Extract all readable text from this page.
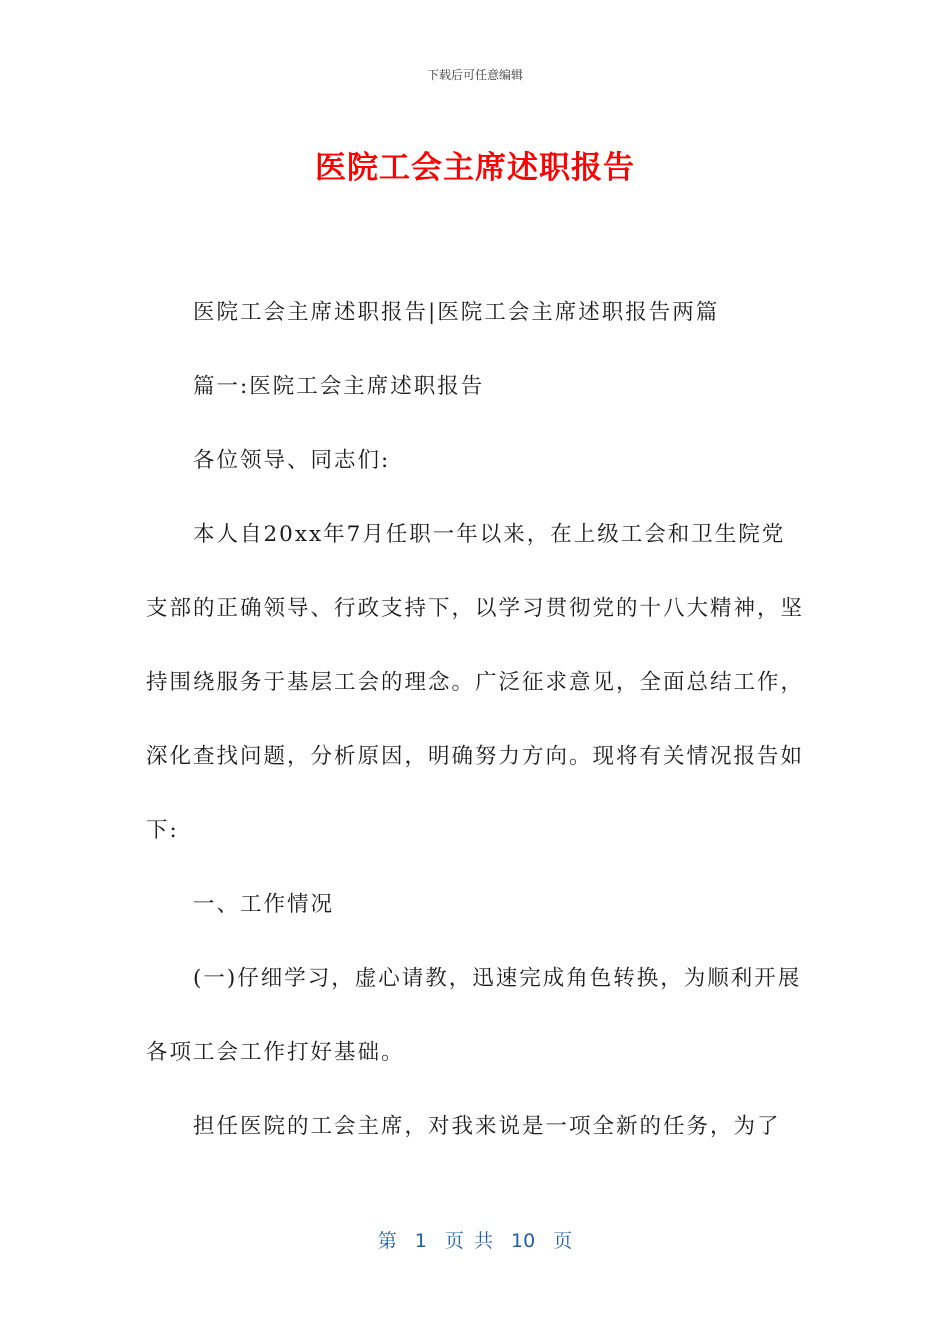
下载后可任意编辑
医院工会主席述职报告

医院工会主席述职报告|医院工会主席述职报告两篇

篇一:医院工会主席述职报告

各位领导、同志们:

本人自20xx年7月任职一年以来，在上级工会和卫生院党支部的正确领导、行政支持下，以学习贯彻党的十八大精神，坚持围绕服务于基层工会的理念。广泛征求意见，全面总结工作，深化查找问题，分析原因，明确努力方向。现将有关情况报告如下:

一、工作情况

(一)仔细学习，虚心请教，迅速完成角色转换，为顺利开展各项工会工作打好基础。

担任医院的工会主席，对我来说是一项全新的任务，为了

第 1 页 共 10 页
